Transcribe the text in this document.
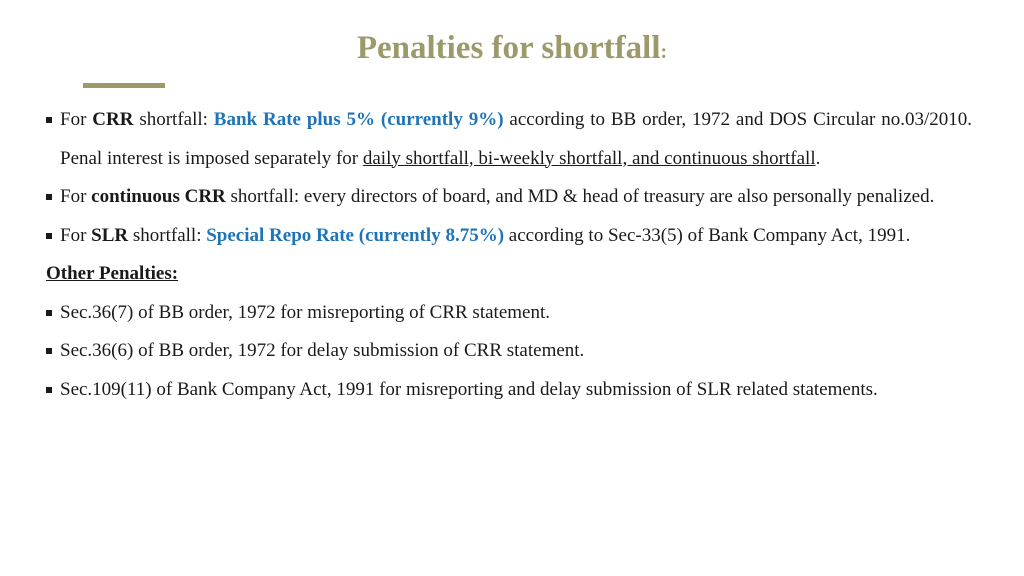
Penalties for shortfall:
For CRR shortfall: Bank Rate plus 5% (currently 9%) according to BB order, 1972 and DOS Circular no.03/2010. Penal interest is imposed separately for daily shortfall, bi-weekly shortfall, and continuous shortfall.
For continuous CRR shortfall: every directors of board, and MD & head of treasury are also personally penalized.
For SLR shortfall: Special Repo Rate (currently 8.75%) according to Sec-33(5) of Bank Company Act, 1991.
Other Penalties:
Sec.36(7) of BB order, 1972 for misreporting of CRR statement.
Sec.36(6) of BB order, 1972 for delay submission of CRR statement.
Sec.109(11) of Bank Company Act, 1991 for misreporting and delay submission of SLR related statements.
